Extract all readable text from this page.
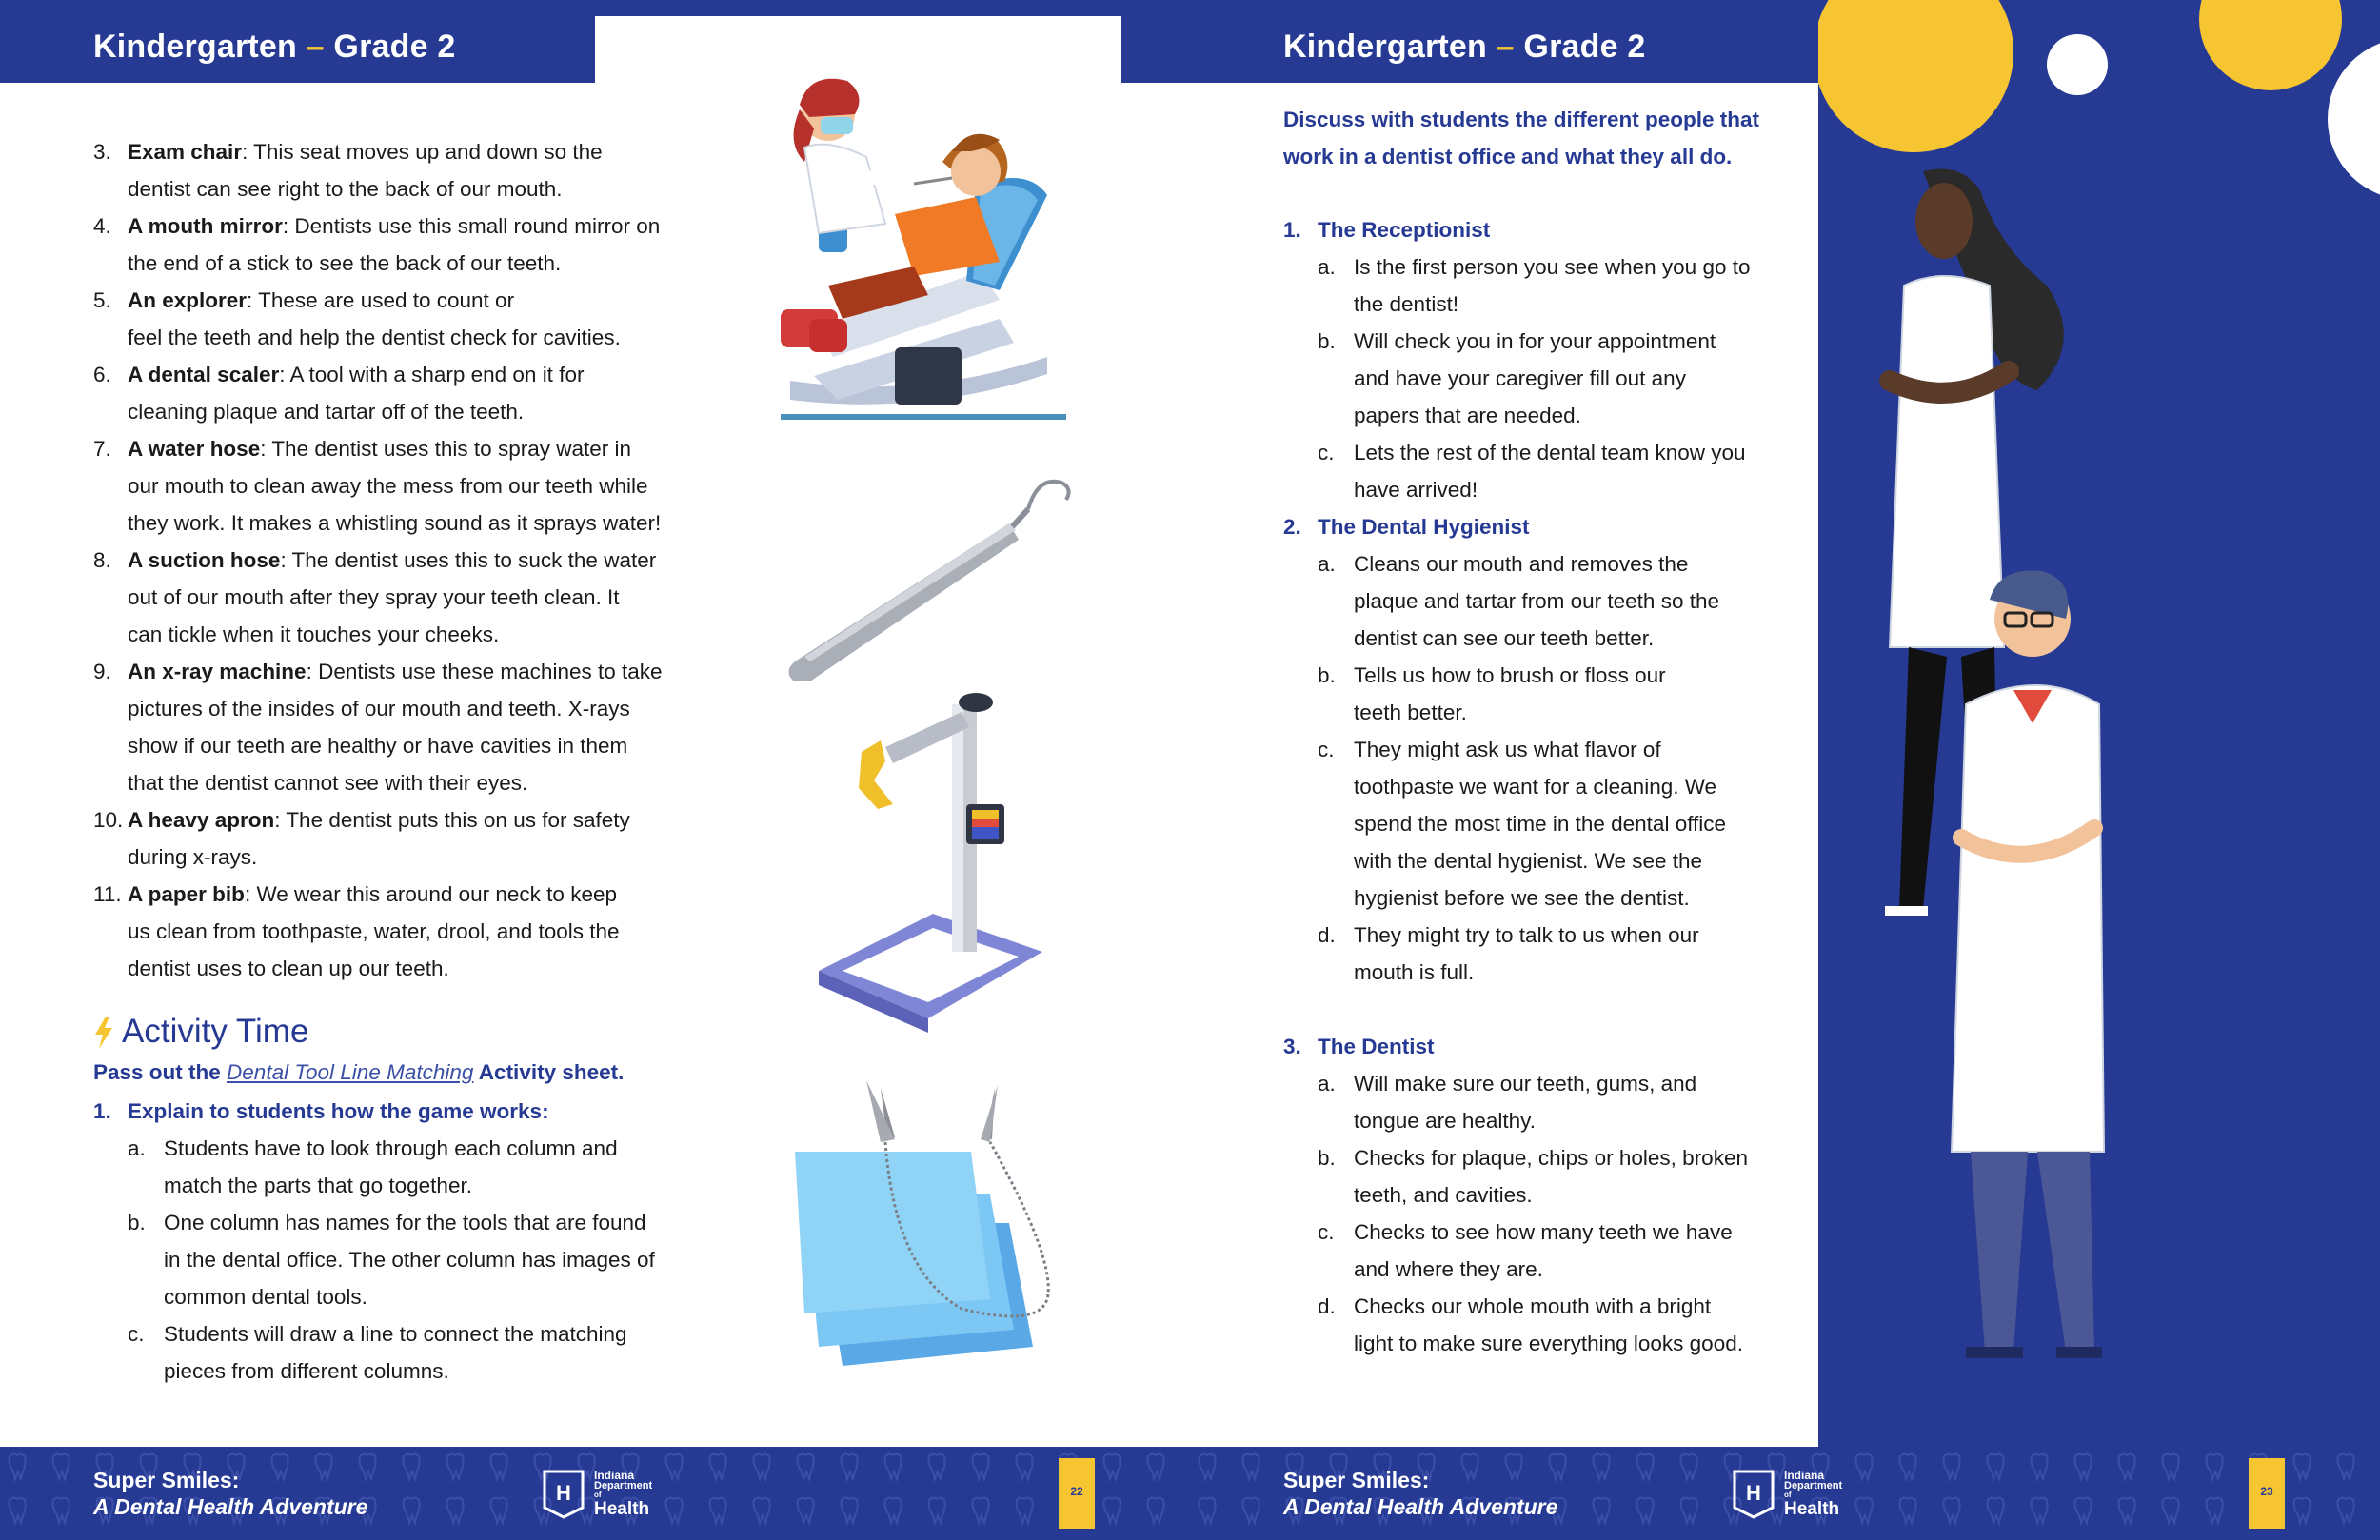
Kindergarten – Grade 2
3. Exam chair: This seat moves up and down so the
dentist can see right to the back of our mouth.
4. A mouth mirror: Dentists use this small round mirror on
the end of a stick to see the back of our teeth.
5. An explorer: These are used to count or
feel the teeth and help the dentist check for cavities.
6. A dental scaler: A tool with a sharp end on it for
cleaning plaque and tartar off of the teeth.
7. A water hose: The dentist uses this to spray water in
our mouth to clean away the mess from our teeth while
they work. It makes a whistling sound as it sprays water!
8. A suction hose: The dentist uses this to suck the water
out of our mouth after they spray your teeth clean. It
can tickle when it touches your cheeks.
9. An x-ray machine: Dentists use these machines to take
pictures of the insides of our mouth and teeth. X-rays
show if our teeth are healthy or have cavities in them
that the dentist cannot see with their eyes.
10. A heavy apron: The dentist puts this on us for safety
during x-rays.
11. A paper bib: We wear this around our neck to keep
us clean from toothpaste, water, drool, and tools the
dentist uses to clean up our teeth.
Activity Time
Pass out the Dental Tool Line Matching Activity sheet.
1. Explain to students how the game works:
a. Students have to look through each column and
match the parts that go together.
b. One column has names for the tools that are found
in the dental office. The other column has images of
common dental tools.
c. Students will draw a line to connect the matching
pieces from different columns.
Super Smiles:
A Dental Health Adventure
H
Indiana
Department
of
Health
22
Kindergarten – Grade 2
Discuss with students the different people that
work in a dentist office and what they all do.
1. The Receptionist
a. Is the first person you see when you go to
the dentist!
b. Will check you in for your appointment
and have your caregiver fill out any
papers that are needed.
c. Lets the rest of the dental team know you
have arrived!
2. The Dental Hygienist
a. Cleans our mouth and removes the
plaque and tartar from our teeth so the
dentist can see our teeth better.
b. Tells us how to brush or floss our
teeth better.
c. They might ask us what flavor of
toothpaste we want for a cleaning. We
spend the most time in the dental office
with the dental hygienist. We see the
hygienist before we see the dentist.
d. They might try to talk to us when our
mouth is full.
3. The Dentist
a. Will make sure our teeth, gums, and
tongue are healthy.
b. Checks for plaque, chips or holes, broken
teeth, and cavities.
c. Checks to see how many teeth we have
and where they are.
d. Checks our whole mouth with a bright
light to make sure everything looks good.
Super Smiles:
A Dental Health Adventure
H
Indiana
Department
of
Health
23
